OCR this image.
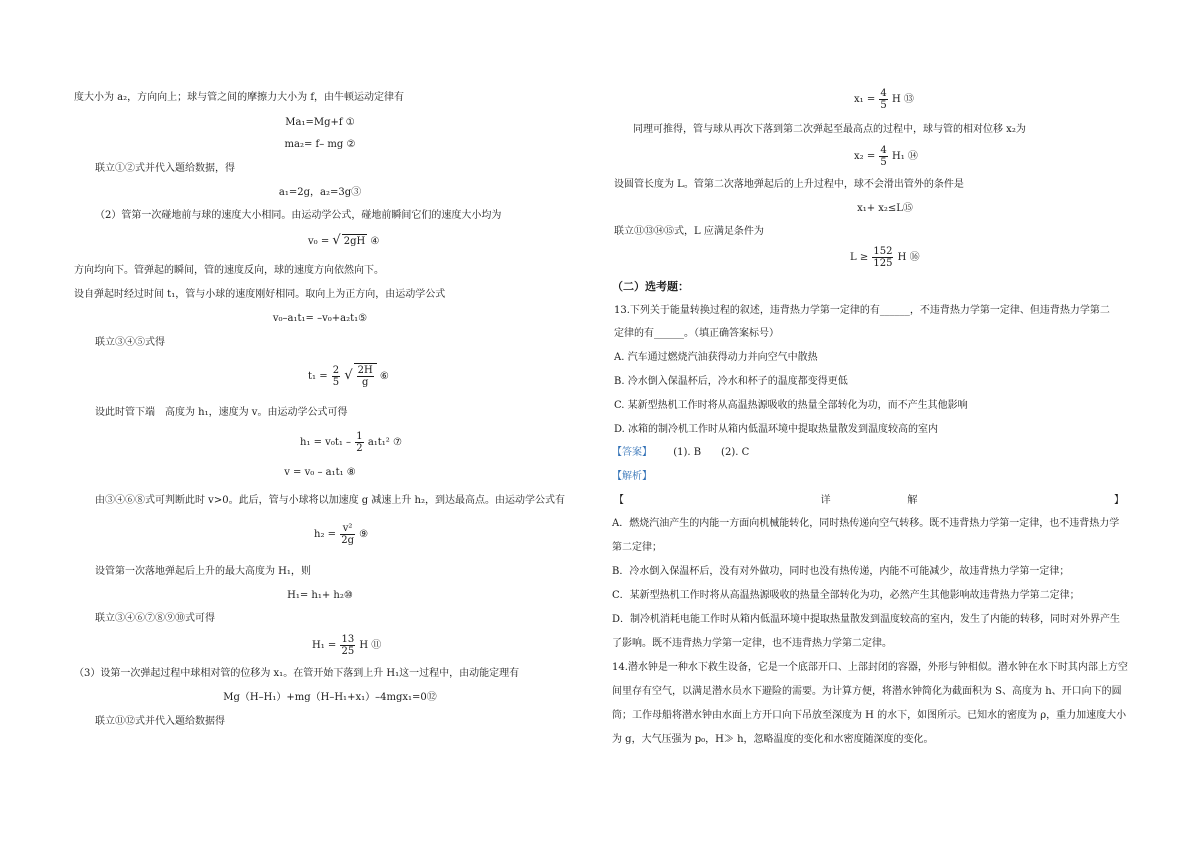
度大小为 a₂，方向向上；球与管之间的摩擦力大小为 f，由牛顿运动定律有
Ma₁=Mg+f ①
ma₂= f– mg ②
联立①②式并代入题给数据，得
a₁=2g，a₂=3g③
（2）管第一次碰地前与球的速度大小相同。由运动学公式，碰地前瞬间它们的速度大小均为
v₀ = √ 2gH ④
方向均向下。管弹起的瞬间，管的速度反向，球的速度方向依然向下。
设自弹起时经过时间 t₁，管与小球的速度刚好相同。取向上为正方向，由运动学公式
v₀–a₁t₁= –v₀+a₂t₁⑤
联立③④⑤式得
$t_1 = \frac{2}{5}$ √ $\frac{2H}{g}$ ⑥
设此时管下端　高度为 h₁，速度为 v。由运动学公式可得
$h_1 = v_0t_1 - \frac{1}{2} a_1t_1^2$ ⑦
v = v₀ – a₁t₁ ⑧
由③④⑥⑧式可判断此时 v>0。此后，管与小球将以加速度 g 减速上升 h₂，到达最高点。由运动学公式有
$h_2 = \frac{\text{v²}}{2g}$ ⑨
设管第一次落地弹起后上升的最大高度为 H₁，则
H₁= h₁+ h₂⑩
联立③④⑥⑦⑧⑨⑩式可得
$H_1 = \frac{13}{25}$ H ⑪
（3）设第一次弹起过程中球相对管的位移为 x₁。在管开始下落到上升 H₁这一过程中，由动能定理有
Mg（H–H₁）+mg（H–H₁+x₁）–4mgx₁=0⑫
联立⑪⑫式并代入题给数据得
$x_1 = \frac{4}{5}$ H ⑬
同理可推得，管与球从再次下落到第二次弹起至最高点的过程中，球与管的相对位移 x₂为
$x_2 = \frac{4}{5} H_1$ ⑭
设圆管长度为 L。管第二次落地弹起后的上升过程中，球不会滑出管外的条件是
x₁+ x₂≤L⑮
联立⑪⑬⑭⑮式，L 应满足条件为
$L \ge \frac{152}{125}$ H ⑯
（二）选考题：
13.下列关于能量转换过程的叙述，违背热力学第一定律的有______，不违背热力学第一定律、但违背热力学第二
定律的有______。（填正确答案标号）
A. 汽车通过燃烧汽油获得动力并向空气中散热
B. 冷水倒入保温杯后，冷水和杯子的温度都变得更低
C. 某新型热机工作时将从高温热源吸收的热量全部转化为功，而不产生其他影响
D. 冰箱的制冷机工作时从箱内低温环境中提取热量散发到温度较高的室内
【答案】 (1). B　　(2). C
【解析】
【	详	解	】
A．燃烧汽油产生的内能一方面向机械能转化，同时热传递向空气转移。既不违背热力学第一定律，也不违背热力学第二定律；
B．冷水倒入保温杯后，没有对外做功，同时也没有热传递，内能不可能减少，故违背热力学第一定律；
C．某新型热机工作时将从高温热源吸收的热量全部转化为功，必然产生其他影响故违背热力学第二定律；
D．制冷机消耗电能工作时从箱内低温环境中提取热量散发到温度较高的室内，发生了内能的转移，同时对外界产生了影响。既不违背热力学第一定律，也不违背热力学第二定律。
14.潜水钟是一种水下救生设备，它是一个底部开口、上部封闭的容器，外形与钟相似。潜水钟在水下时其内部上方空间里存有空气，以满足潜水员水下避险的需要。为计算方便，将潜水钟简化为截面积为 S、高度为 h、开口向下的圆筒；工作母船将潜水钟由水面上方开口向下吊放至深度为 H 的水下，如图所示。已知水的密度为 ρ，重力加速度大小为 g，大气压强为 p₀，H≫ h，忽略温度的变化和水密度随深度的变化。
